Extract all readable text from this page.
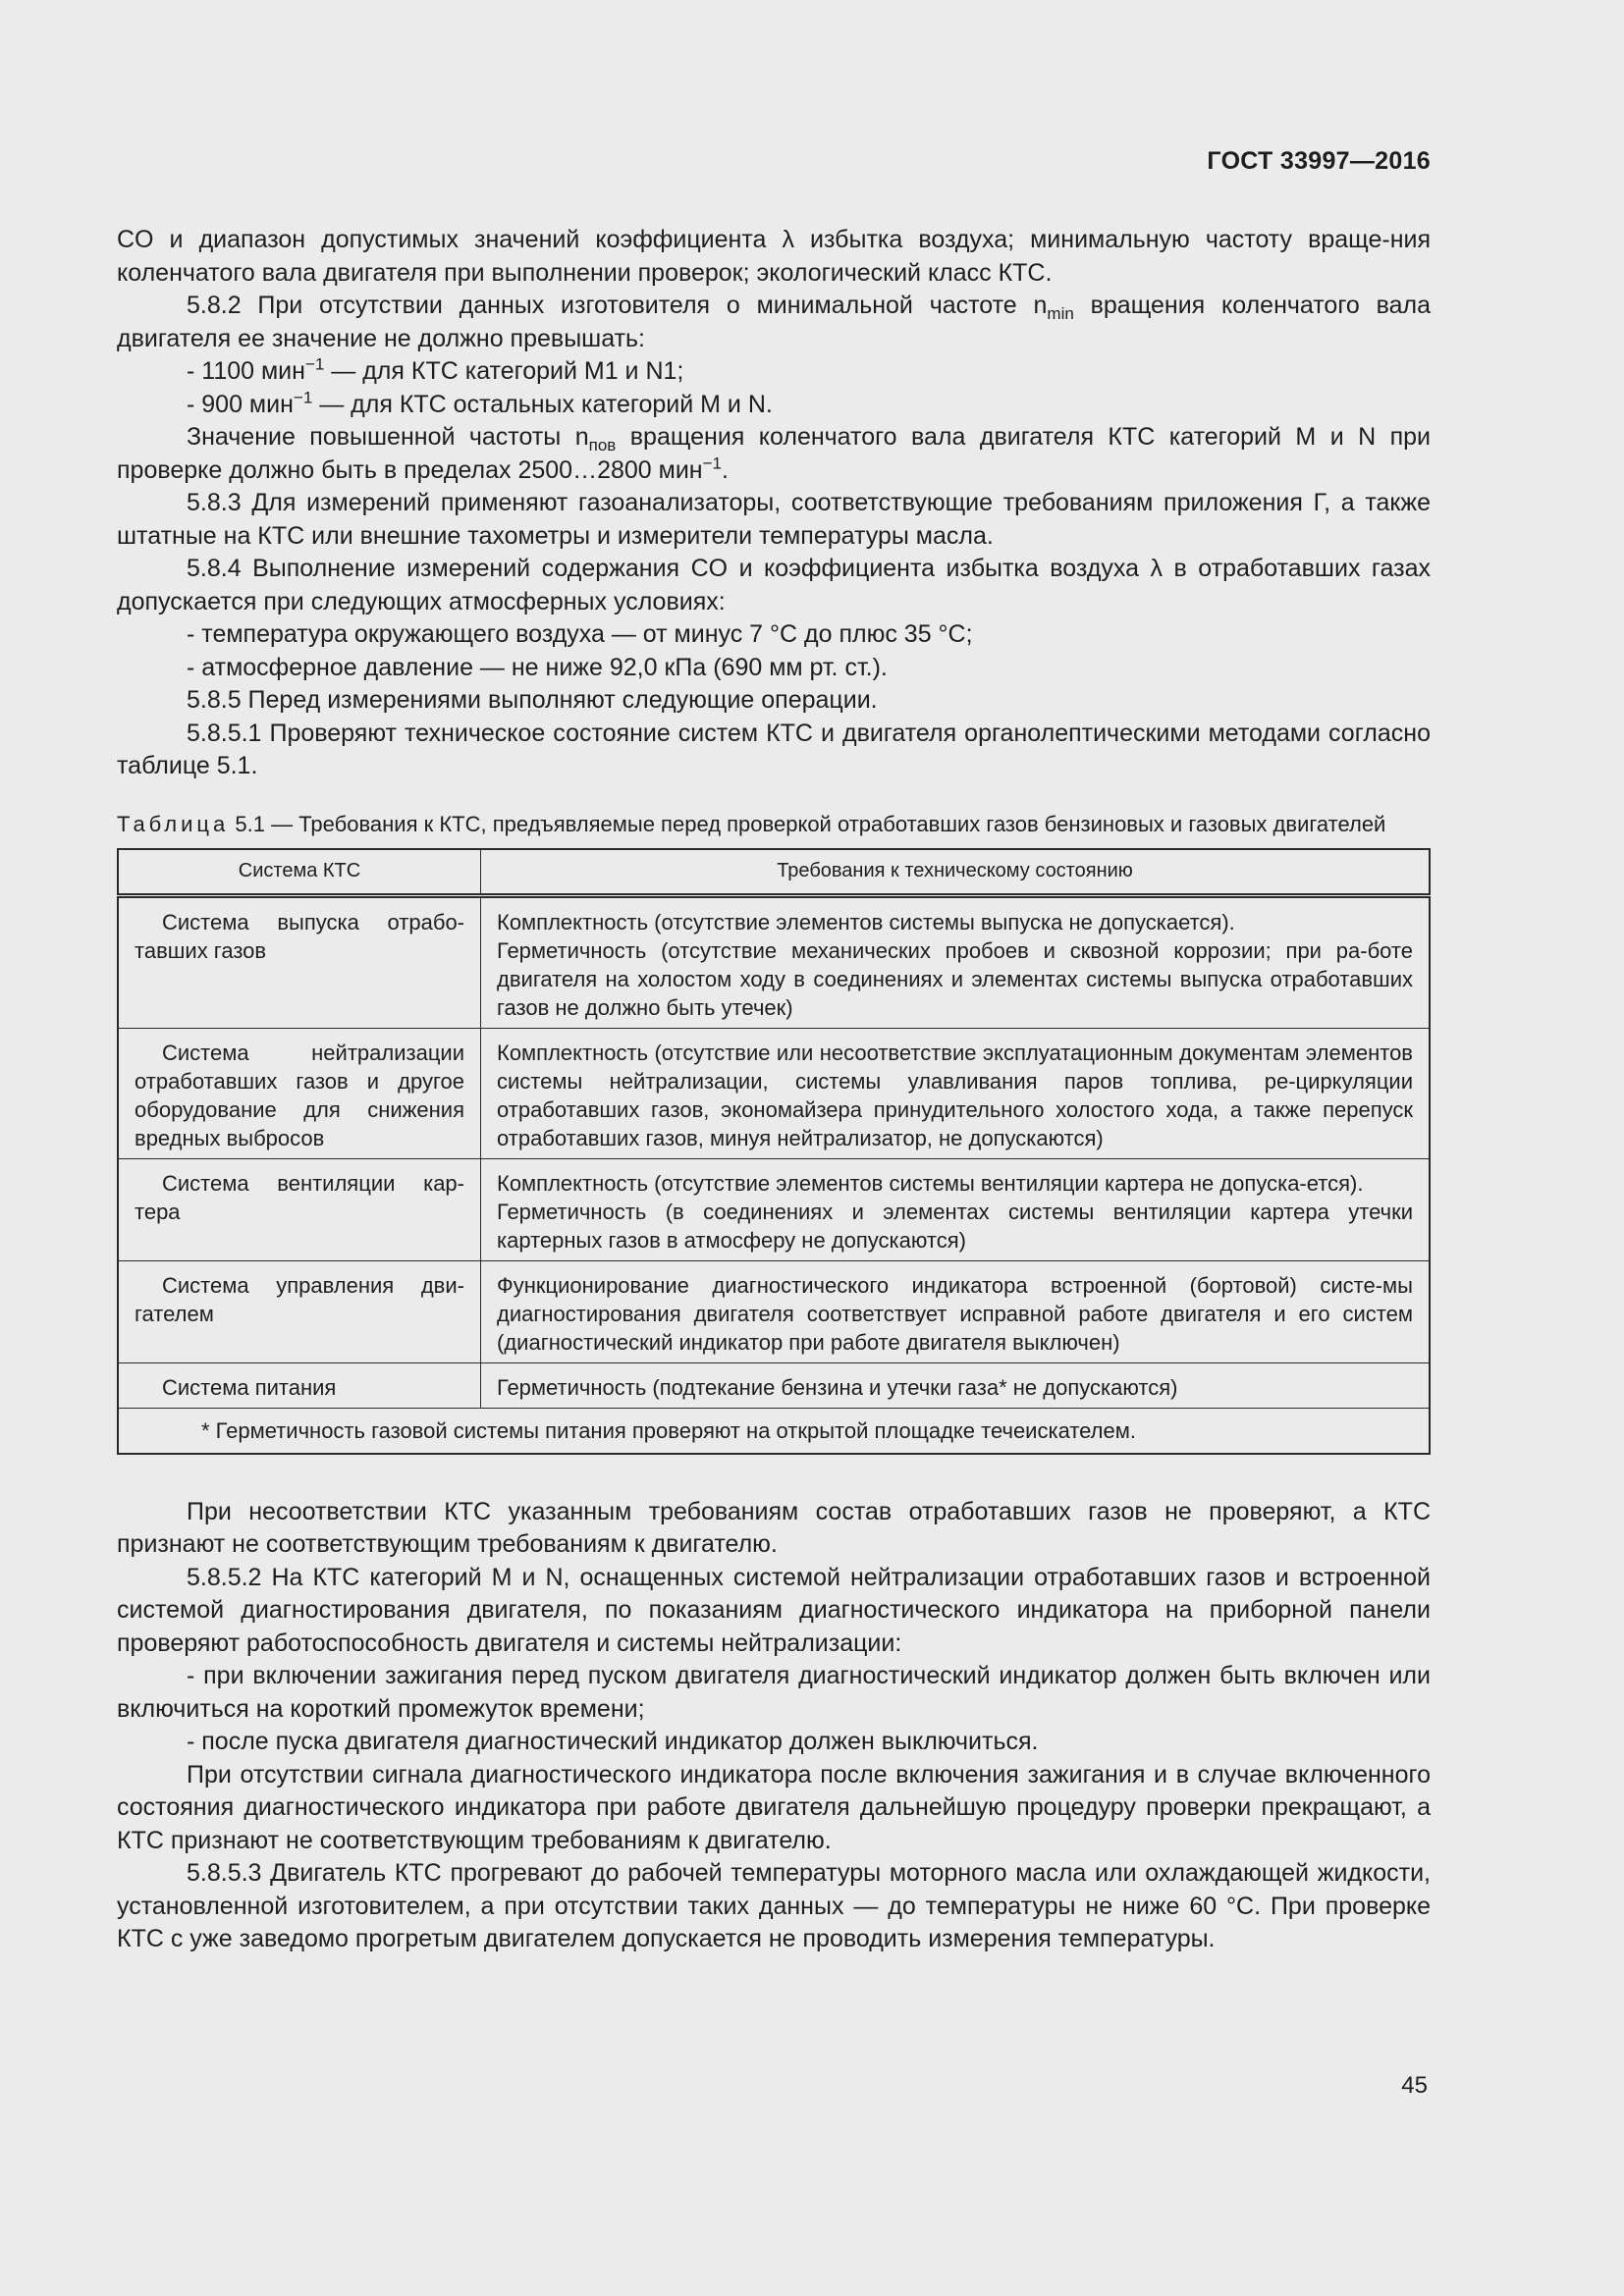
ГОСТ 33997—2016

CO и диапазон допустимых значений коэффициента λ избытка воздуха; минимальную частоту враще-ния коленчатого вала двигателя при выполнении проверок; экологический класс КТС.

5.8.2 При отсутствии данных изготовителя о минимальной частоте $n_{min}$ вращения коленчатого вала двигателя ее значение не должно превышать:

- 1100 мин$^{-1}$ — для КТС категорий M1 и N1;

- 900 мин$^{-1}$ — для КТС остальных категорий M и N.

Значение повышенной частоты $n_{пов}$ вращения коленчатого вала двигателя КТС категорий M и N при проверке должно быть в пределах 2500…2800 мин$^{-1}$.

5.8.3 Для измерений применяют газоанализаторы, соответствующие требованиям приложения Г, а также штатные на КТС или внешние тахометры и измерители температуры масла.

5.8.4 Выполнение измерений содержания CO и коэффициента избытка воздуха λ в отработавших газах допускается при следующих атмосферных условиях:

- температура окружающего воздуха — от минус 7 °С до плюс 35 °С;

- атмосферное давление — не ниже 92,0 кПа (690 мм рт. ст.).

5.8.5 Перед измерениями выполняют следующие операции.

5.8.5.1 Проверяют техническое состояние систем КТС и двигателя органолептическими методами согласно таблице 5.1.

Таблица 5.1 — Требования к КТС, предъявляемые перед проверкой отработавших газов бензиновых и газовых двигателей
Система КТС	Требования к техническому состоянию
Система выпуска отрабо-тавших газов	Комплектность (отсутствие элементов системы выпуска не допускается).
Герметичность (отсутствие механических пробоев и сквозной коррозии; при ра-боте двигателя на холостом ходу в соединениях и элементах системы выпуска отработавших газов не должно быть утечек)

Система нейтрализации отработавших газов и другое оборудование для снижения вредных выбросов	Комплектность (отсутствие или несоответствие эксплуатационным документам элементов системы нейтрализации, системы улавливания паров топлива, ре-циркуляции отработавших газов, экономайзера принудительного холостого хода, а также перепуск отработавших газов, минуя нейтрализатор, не допускаются)

Система вентиляции кар-тера	Комплектность (отсутствие элементов системы вентиляции картера не допуска-ется).
Герметичность (в соединениях и элементах системы вентиляции картера утечки картерных газов в атмосферу не допускаются)

Система управления дви-гателем	Функционирование диагностического индикатора встроенной (бортовой) систе-мы диагностирования двигателя соответствует исправной работе двигателя и его систем (диагностический индикатор при работе двигателя выключен)

Система питания	Герметичность (подтекание бензина и утечки газа* не допускаются)

* Герметичность газовой системы питания проверяют на открытой площадке течеискателем.	

При несоответствии КТС указанным требованиям состав отработавших газов не проверяют, а КТС признают не соответствующим требованиям к двигателю.

5.8.5.2 На КТС категорий M и N, оснащенных системой нейтрализации отработавших газов и встроенной системой диагностирования двигателя, по показаниям диагностического индикатора на приборной панели проверяют работоспособность двигателя и системы нейтрализации:

- при включении зажигания перед пуском двигателя диагностический индикатор должен быть включен или включиться на короткий промежуток времени;

- после пуска двигателя диагностический индикатор должен выключиться.

При отсутствии сигнала диагностического индикатора после включения зажигания и в случае включенного состояния диагностического индикатора при работе двигателя дальнейшую процедуру проверки прекращают, а КТС признают не соответствующим требованиям к двигателю.

5.8.5.3 Двигатель КТС прогревают до рабочей температуры моторного масла или охлаждающей жидкости, установленной изготовителем, а при отсутствии таких данных — до температуры не ниже 60 °С. При проверке КТС с уже заведомо прогретым двигателем допускается не проводить измерения температуры.

45
